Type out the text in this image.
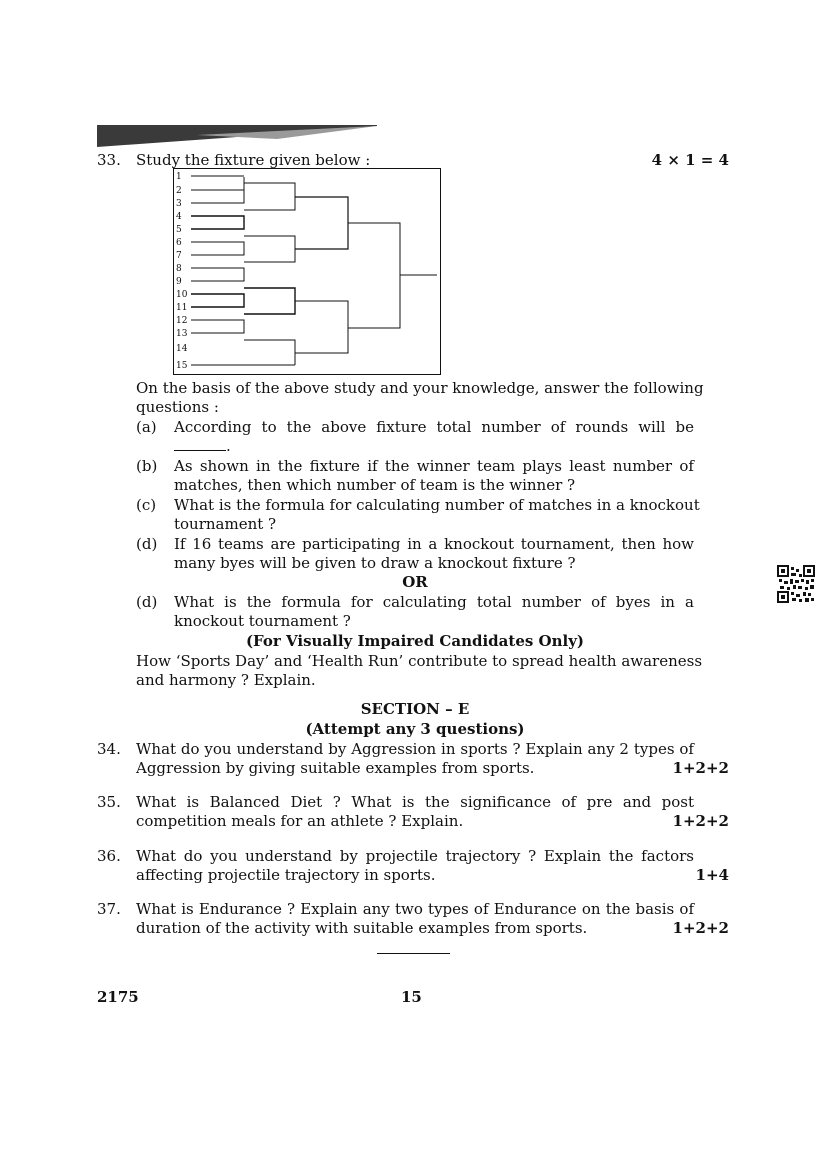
33. Study the fixture given below :	4 × 1 = 4
1
2
3
4
5
6
7
8
9
10
11
12
13
14
15
On the basis of the above study and your knowledge, answer the following
questions :
(a) According to the above fixture total number of rounds will be
.
(b) As shown in the fixture if the winner team plays least number of
matches, then which number of team is the winner ?
(c) What is the formula for calculating number of matches in a knockout
tournament ?
(d) If 16 teams are participating in a knockout tournament, then how
many byes will be given to draw a knockout fixture ?
OR
(d) What is the formula for calculating total number of byes in a
knockout tournament ?
(For Visually Impaired Candidates Only)
How ‘Sports Day’ and ‘Health Run’ contribute to spread health awareness
and harmony ? Explain.
SECTION – E
(Attempt any 3 questions)
34. What do you understand by Aggression in sports ? Explain any 2 types of
Aggression by giving suitable examples from sports.	1+2+2
35. What is Balanced Diet ? What is the significance of pre and post
competition meals for an athlete ? Explain.	1+2+2
36. What do you understand by projectile trajectory ? Explain the factors
affecting projectile trajectory in sports.	1+4
37. What is Endurance ? Explain any two types of Endurance on the basis of
duration of the activity with suitable examples from sports.	1+2+2
2175	15
